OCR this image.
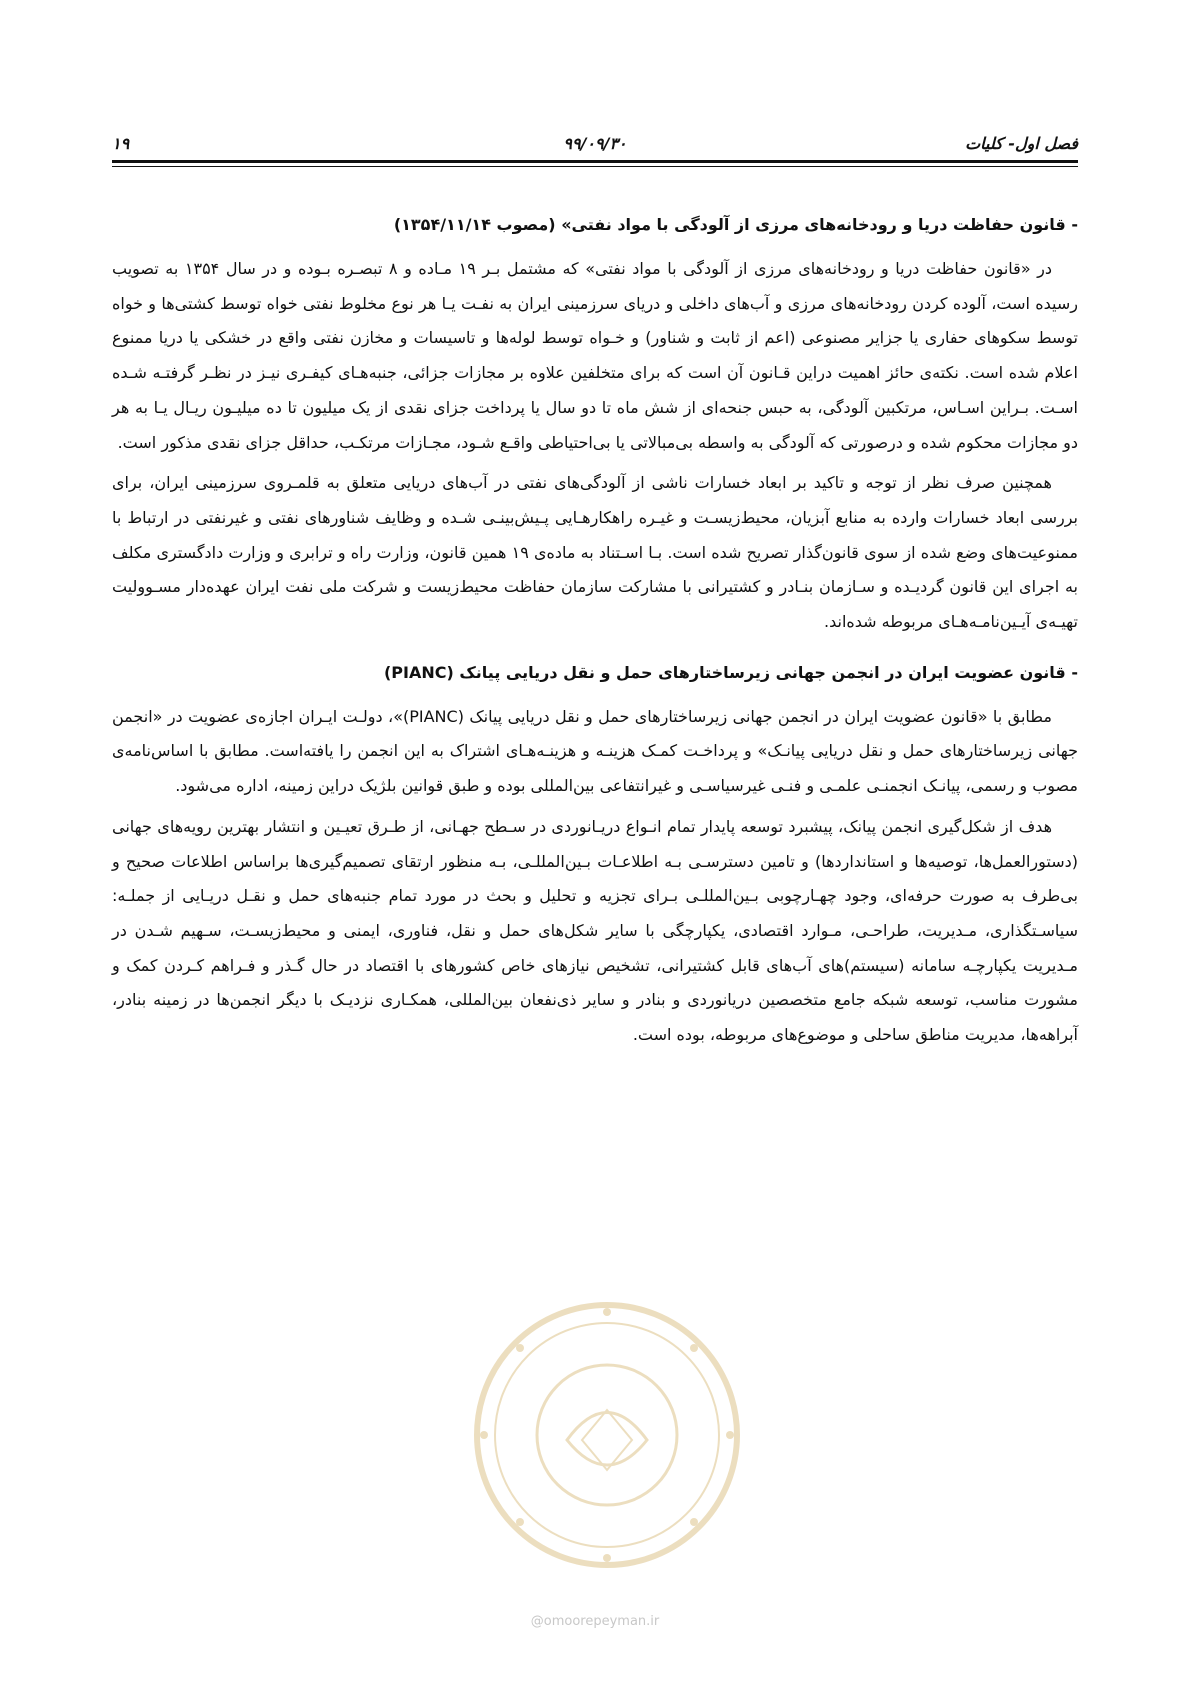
فصل اول- کلیات
۹۹/۰۹/۳۰
۱۹
- قانون حفاظت دریا و رودخانه‌های مرزی از آلودگی با مواد نفتی» (مصوب ۱۳۵۴/۱۱/۱۴)

در «قانون حفاظت دریا و رودخانه‌های مرزی از آلودگی با مواد نفتی» که مشتمل بـر ۱۹ مـاده و ۸ تبصـره بـوده و در سال ۱۳۵۴ به تصویب رسیده است، آلوده کردن رودخانه‌های مرزی و آب‌های داخلی و دریای سرزمینی ایران به نفـت یـا هر نوع مخلوط نفتی خواه توسط کشتی‌ها و خواه توسط سکوهای حفاری یا جزایر مصنوعی (اعم از ثابت و شناور) و خـواه توسط لوله‌ها و تاسیسات و مخازن نفتی واقع در خشکی یا دریا ممنوع اعلام شده است. نکته‌ی حائز اهمیت دراین قـانون آن است که برای متخلفین علاوه بر مجازات جزائی، جنبه‌هـای کیفـری نیـز در نظـر گرفتـه شـده اسـت. بـراین اسـاس، مرتکبین آلودگی، به حبس جنحه‌ای از شش ماه تا دو سال یا پرداخت جزای نقدی از یک میلیون تا ده میلیـون ریـال یـا به هر دو مجازات محکوم شده و درصورتی که آلودگی به واسطه بی‌مبالاتی یا بی‌احتیاطی واقـع شـود، مجـازات مرتکـب، حداقل جزای نقدی مذکور است.

همچنین صرف نظر از توجه و تاکید بر ابعاد خسارات ناشی از آلودگی‌های نفتی در آب‌های دریایی متعلق به قلمـروی سرزمینی ایران، برای بررسی ابعاد خسارات وارده به منابع آبزیان، محیط‌زیسـت و غیـره راهکارهـایی پـیش‌بینـی شـده و وظایف شناورهای نفتی و غیرنفتی در ارتباط با ممنوعیت‌های وضع شده از سوی قانون‌گذار تصریح شده است. بـا اسـتناد به ماده‌ی ۱۹ همین قانون، وزارت راه و ترابری و وزارت دادگستری مکلف به اجرای این قانون گردیـده و سـازمان بنـادر و کشتیرانی با مشارکت سازمان حفاظت محیط‌زیست و شرکت ملی نفت ایران عهده‌دار مسـوولیت تهیـه‌ی آیـین‌نامـه‌هـای مربوطه شده‌اند.

- قانون عضویت ایران در انجمن جهانی زیرساختارهای حمل و نقل دریایی پیانک (PIANC)

مطابق با «قانون عضویت ایران در انجمن جهانی زیرساختارهای حمل و نقل دریایی پیانک (PIANC)»، دولـت ایـران اجازه‌ی عضویت در «انجمن جهانی زیرساختارهای حمل و نقل دریایی پیانـک» و پرداخـت کمـک هزینـه و هزینـه‌هـای اشتراک به این انجمن را یافته‌است. مطابق با اساس‌نامه‌ی مصوب و رسمی، پیانـک انجمنـی علمـی و فنـی غیرسیاسـی و غیرانتفاعی بین‌المللی بوده و طبق قوانین بلژیک دراین زمینه، اداره می‌شود.

هدف از شکل‌گیری انجمن پیانک، پیشبرد توسعه پایدار تمام انـواع دریـانوردی در سـطح جهـانی، از طـرق تعیـین و انتشار بهترین رویه‌های جهانی (دستورالعمل‌ها، توصیه‌ها و استانداردها) و تامین دسترسـی بـه اطلاعـات بـین‌المللـی، بـه منظور ارتقای تصمیم‌گیری‌ها براساس اطلاعات صحیح و بی‌طرف به صورت حرفه‌ای، وجود چهـارچوبی بـین‌المللـی بـرای تجزیه و تحلیل و بحث در مورد تمام جنبه‌های حمل و نقـل دریـایی از جملـه: سیاسـتگذاری، مـدیریت، طراحـی، مـوارد اقتصادی، یکپارچگی با سایر شکل‌های حمل و نقل، فناوری، ایمنی و محیط‌زیسـت، سـهیم شـدن در مـدیریت یکپارچـه سامانه (سیستم)های آب‌های قابل کشتیرانی، تشخیص نیازهای خاص کشورهای با اقتصاد در حال گـذر و فـراهم کـردن کمک و مشورت مناسب، توسعه شبکه جامع متخصصین دریانوردی و بنادر و سایر ذی‌نفعان بین‌المللی، همکـاری نزدیـک با دیگر انجمن‌ها در زمینه بنادر، آبراهه‌ها، مدیریت مناطق ساحلی و موضوع‌های مربوطه، بوده است.

@omoorepeyman.ir
